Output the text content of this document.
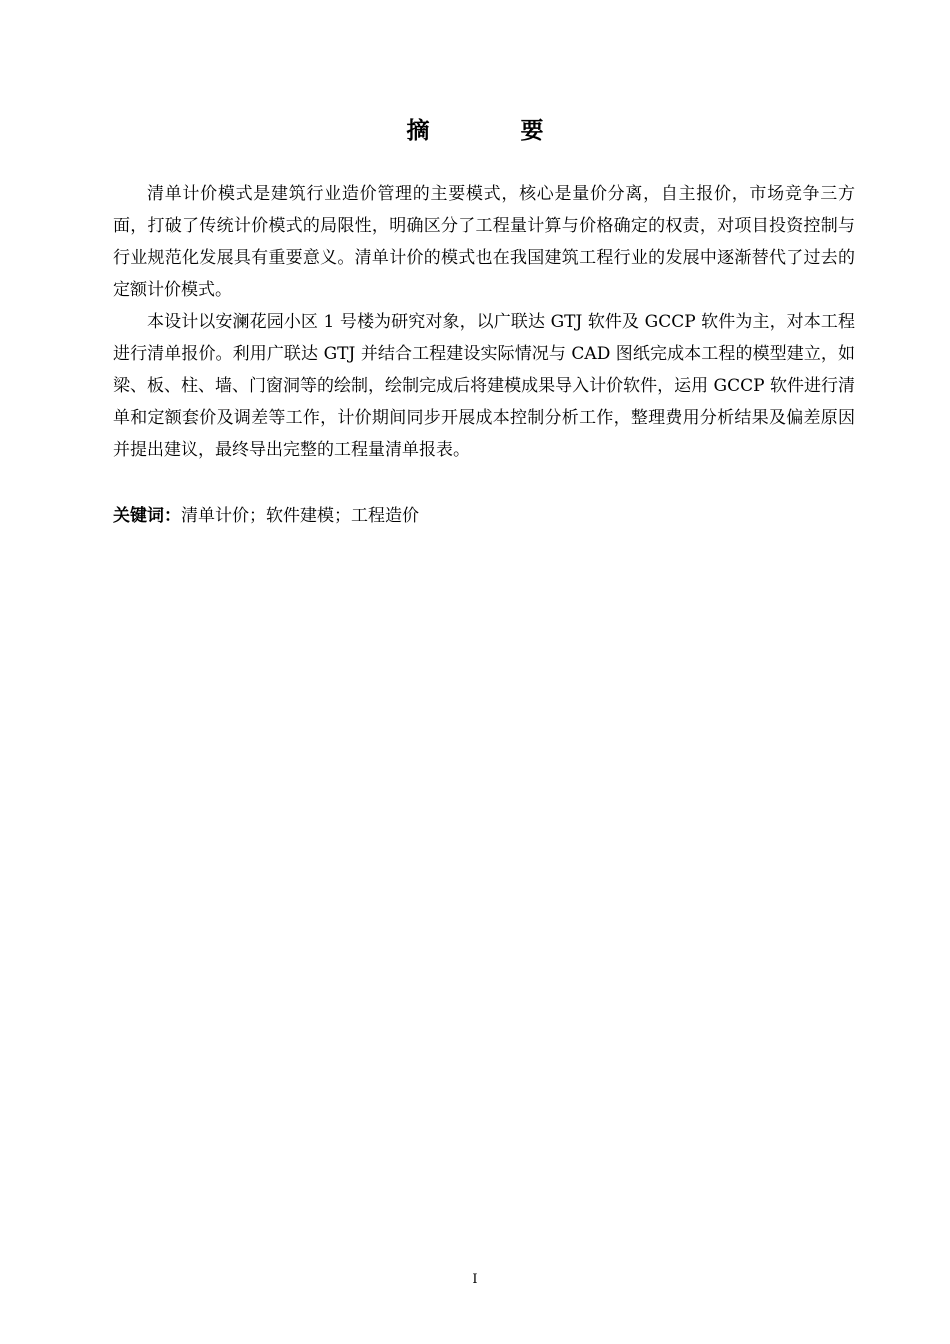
摘　要

清单计价模式是建筑行业造价管理的主要模式，核心是量价分离，自主报价，市场竞争三方面，打破了传统计价模式的局限性，明确区分了工程量计算与价格确定的权责，对项目投资控制与行业规范化发展具有重要意义。清单计价的模式也在我国建筑工程行业的发展中逐渐替代了过去的定额计价模式。

本设计以安澜花园小区 1 号楼为研究对象，以广联达 GTJ 软件及 GCCP 软件为主，对本工程进行清单报价。利用广联达 GTJ 并结合工程建设实际情况与 CAD 图纸完成本工程的模型建立，如梁、板、柱、墙、门窗洞等的绘制，绘制完成后将建模成果导入计价软件，运用 GCCP 软件进行清单和定额套价及调差等工作，计价期间同步开展成本控制分析工作，整理费用分析结果及偏差原因并提出建议，最终导出完整的工程量清单报表。

关键词：清单计价；软件建模；工程造价
I
